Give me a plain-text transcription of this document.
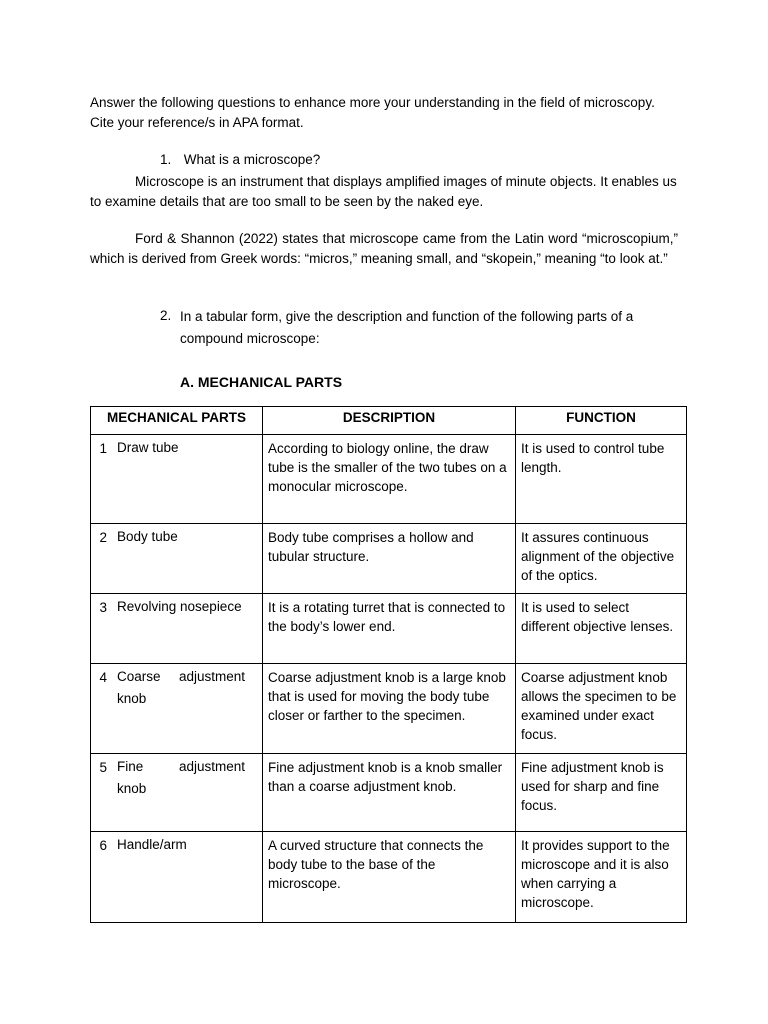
Answer the following questions to enhance more your understanding in the field of microscopy.

Cite your reference/s in APA format.

1. What is a microscope?

Microscope is an instrument that displays amplified images of minute objects. It enables us to examine details that are too small to be seen by the naked eye.

Ford & Shannon (2022) states that microscope came from the Latin word “microscopium,” which is derived from Greek words: “micros,” meaning small, and “skopein,” meaning “to look at.”

2. In a tabular form, give the description and function of the following parts of a compound microscope:
A. MECHANICAL PARTS
MECHANICAL PARTS	DESCRIPTION	FUNCTION
1 Draw tube	According to biology online, the draw tube is the smaller of the two tubes on a monocular microscope.	It is used to control tube length.
2 Body tube	Body tube comprises a hollow and tubular structure.	It assures continuous alignment of the objective of the optics.
3 Revolving nosepiece	It is a rotating turret that is connected to the body’s lower end.	It is used to select different objective lenses.
4 Coarse adjustment knob	Coarse adjustment knob is a large knob that is used for moving the body tube closer or farther to the specimen.	Coarse adjustment knob allows the specimen to be examined under exact focus.
5 Fine adjustment knob	Fine adjustment knob is a knob smaller than a coarse adjustment knob.	Fine adjustment knob is used for sharp and fine focus.
6 Handle/arm	A curved structure that connects the body tube to the base of the microscope.	It provides support to the microscope and it is also when carrying a microscope.
